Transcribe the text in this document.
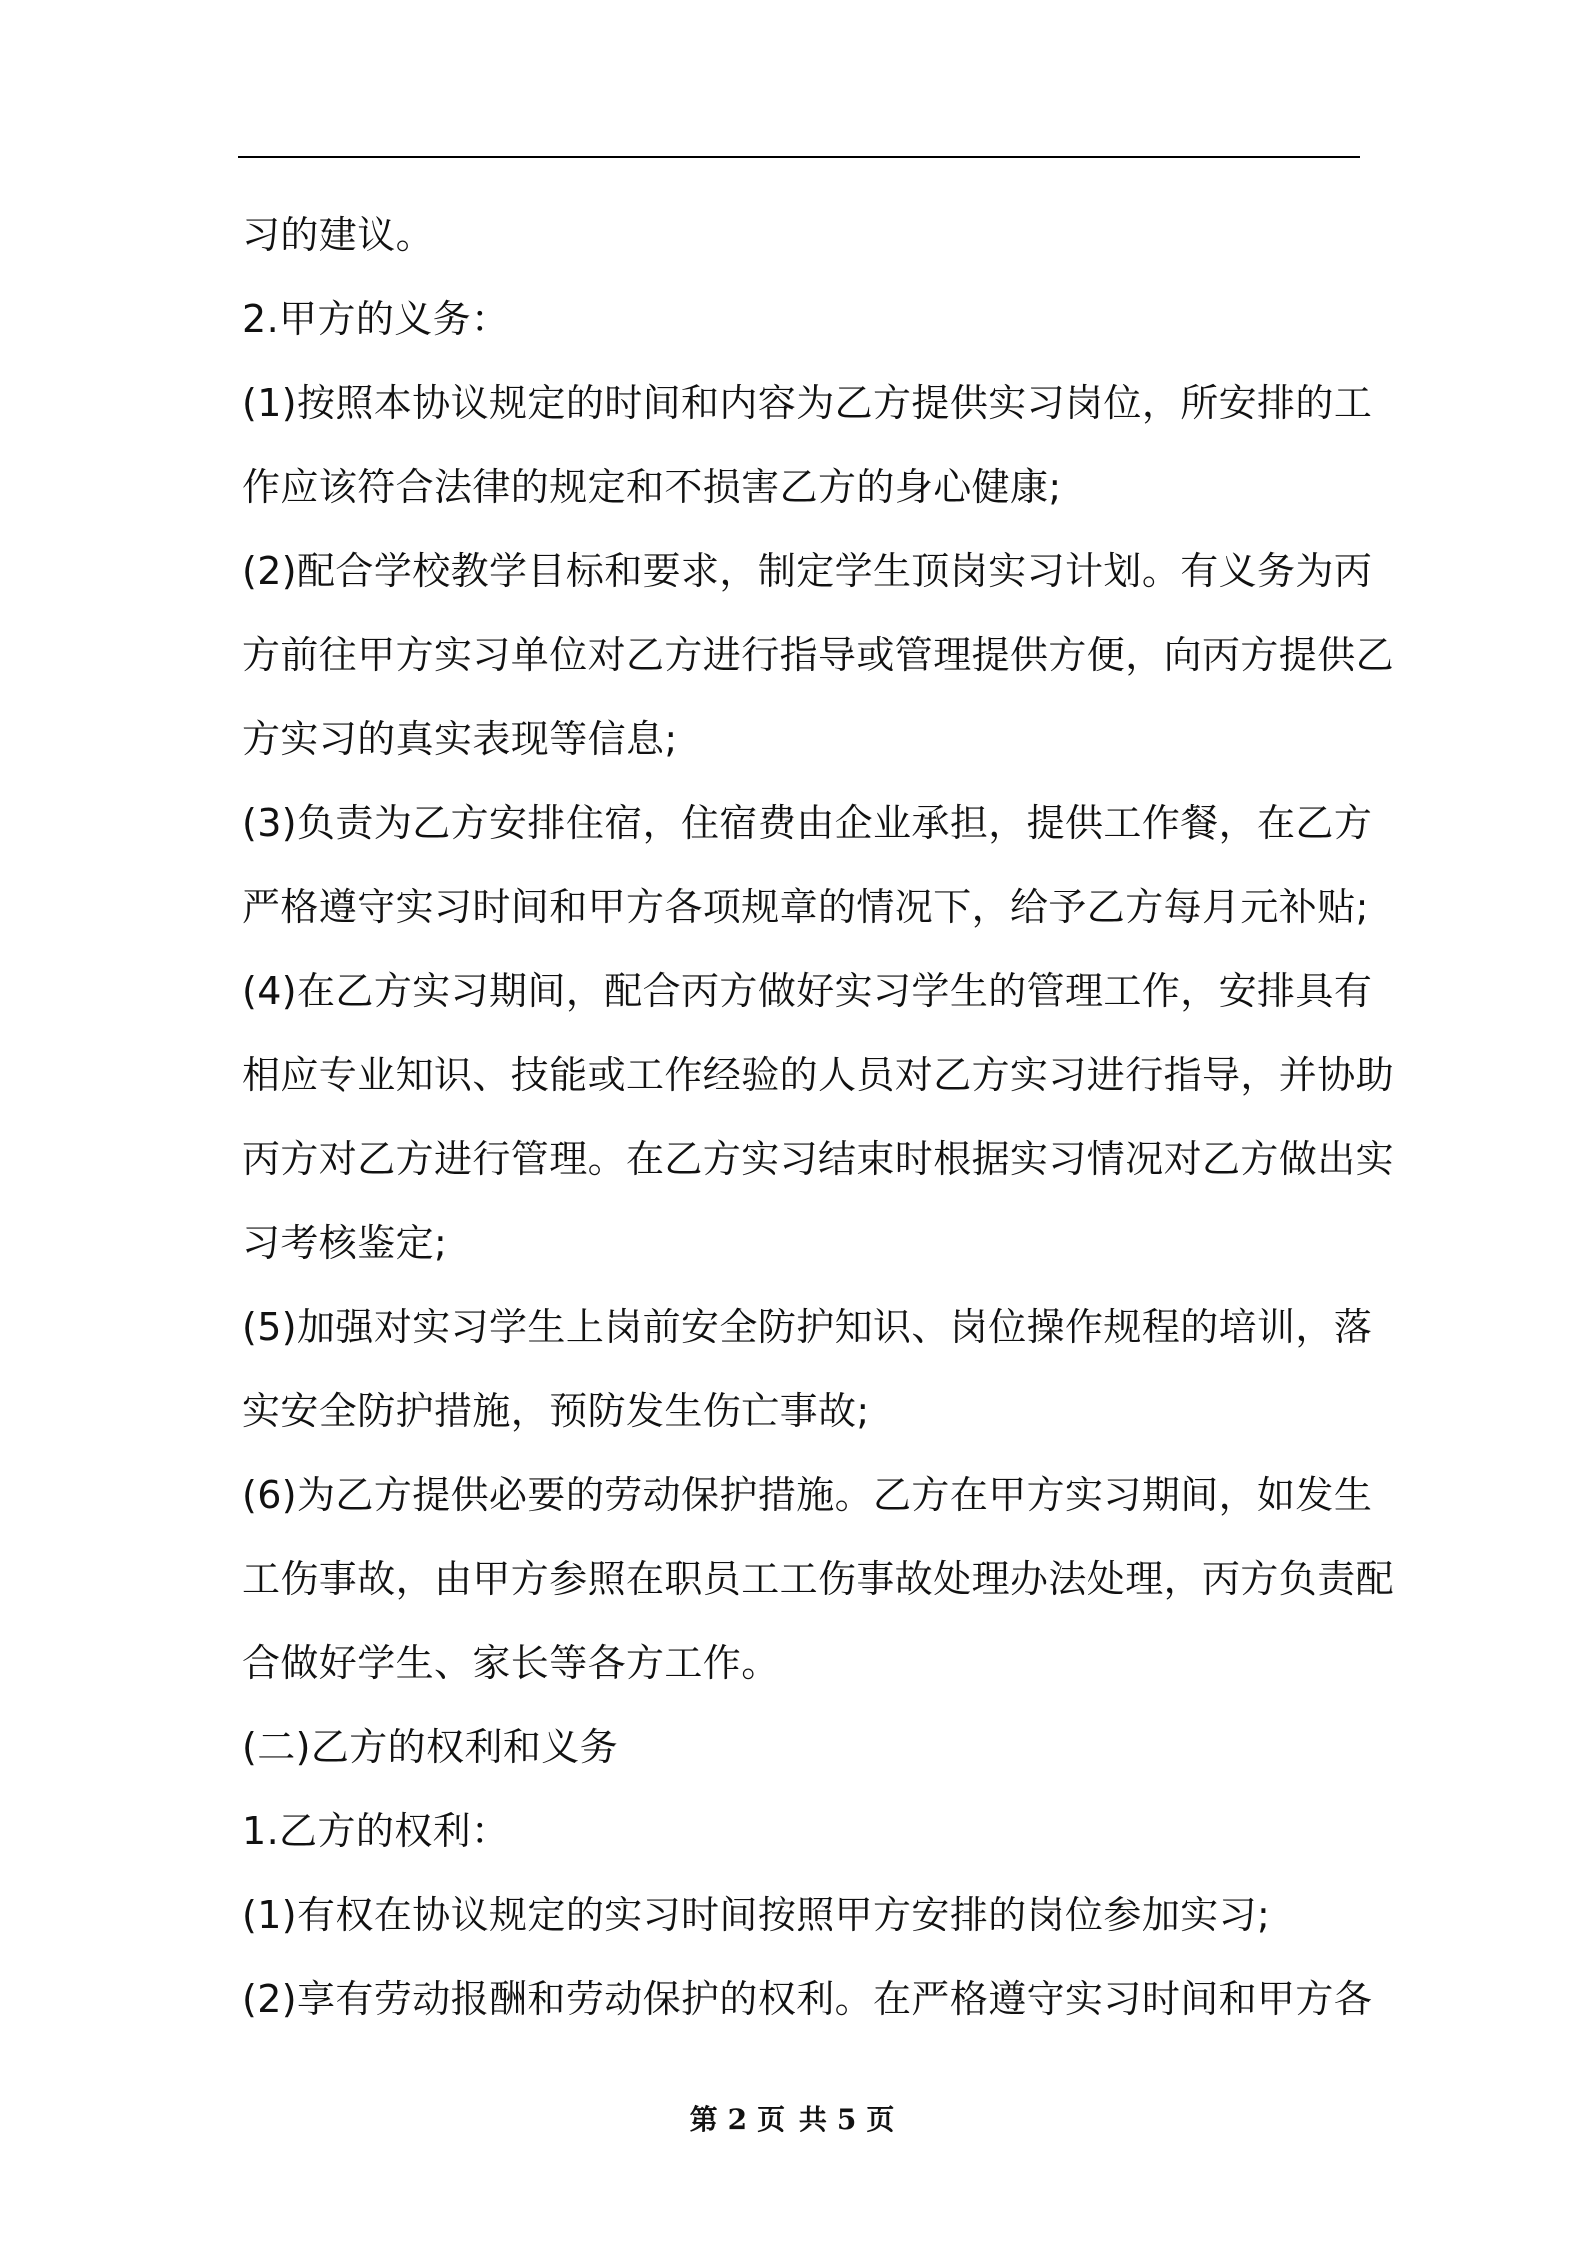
习的建议。
2.甲方的义务：
(1)按照本协议规定的时间和内容为乙方提供实习岗位，所安排的工
作应该符合法律的规定和不损害乙方的身心健康;
(2)配合学校教学目标和要求，制定学生顶岗实习计划。有义务为丙
方前往甲方实习单位对乙方进行指导或管理提供方便，向丙方提供乙
方实习的真实表现等信息;
(3)负责为乙方安排住宿，住宿费由企业承担，提供工作餐，在乙方
严格遵守实习时间和甲方各项规章的情况下，给予乙方每月元补贴;
(4)在乙方实习期间，配合丙方做好实习学生的管理工作，安排具有
相应专业知识、技能或工作经验的人员对乙方实习进行指导，并协助
丙方对乙方进行管理。在乙方实习结束时根据实习情况对乙方做出实
习考核鉴定;
(5)加强对实习学生上岗前安全防护知识、岗位操作规程的培训，落
实安全防护措施，预防发生伤亡事故;
(6)为乙方提供必要的劳动保护措施。乙方在甲方实习期间，如发生
工伤事故，由甲方参照在职员工工伤事故处理办法处理，丙方负责配
合做好学生、家长等各方工作。
(二)乙方的权利和义务
1.乙方的权利：
(1)有权在协议规定的实习时间按照甲方安排的岗位参加实习;
(2)享有劳动报酬和劳动保护的权利。在严格遵守实习时间和甲方各
第 2 页 共 5 页
